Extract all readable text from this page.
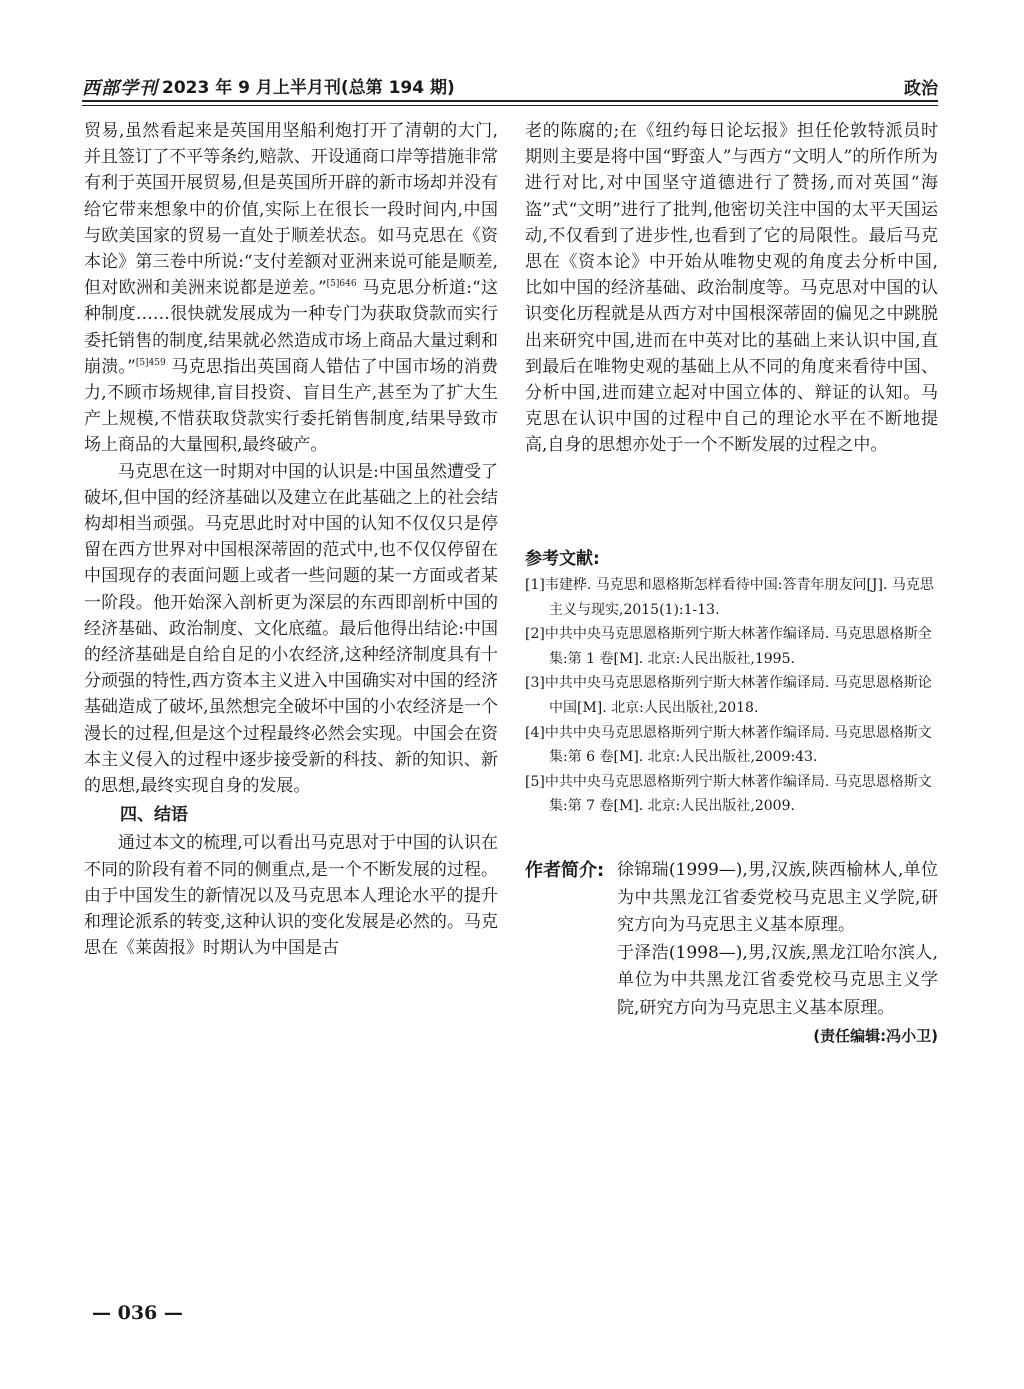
西部学刊 2023 年 9 月上半月刊(总第 194 期)	政治

贸易,虽然看起来是英国用坚船利炮打开了清朝的大门,并且签订了不平等条约,赔款、开设通商口岸等措施非常有利于英国开展贸易,但是英国所开辟的新市场却并没有给它带来想象中的价值,实际上在很长一段时间内,中国与欧美国家的贸易一直处于顺差状态。如马克思在《资本论》第三卷中所说:“支付差额对亚洲来说可能是顺差,但对欧洲和美洲来说都是逆差。”$^{[5]646}$ 马克思分析道:“这种制度……很快就发展成为一种专门为获取贷款而实行委托销售的制度,结果就必然造成市场上商品大量过剩和崩溃。”$^{[5]459}$ 马克思指出英国商人错估了中国市场的消费力,不顾市场规律,盲目投资、盲目生产,甚至为了扩大生产上规模,不惜获取贷款实行委托销售制度,结果导致市场上商品的大量囤积,最终破产。

马克思在这一时期对中国的认识是:中国虽然遭受了破坏,但中国的经济基础以及建立在此基础之上的社会结构却相当顽强。马克思此时对中国的认知不仅仅只是停留在西方世界对中国根深蒂固的范式中,也不仅仅停留在中国现存的表面问题上或者一些问题的某一方面或者某一阶段。他开始深入剖析更为深层的东西即剖析中国的经济基础、政治制度、文化底蕴。最后他得出结论:中国的经济基础是自给自足的小农经济,这种经济制度具有十分顽强的特性,西方资本主义进入中国确实对中国的经济基础造成了破坏,虽然想完全破坏中国的小农经济是一个漫长的过程,但是这个过程最终必然会实现。中国会在资本主义侵入的过程中逐步接受新的科技、新的知识、新的思想,最终实现自身的发展。

四、结语

通过本文的梳理,可以看出马克思对于中国的认识在不同的阶段有着不同的侧重点,是一个不断发展的过程。由于中国发生的新情况以及马克思本人理论水平的提升和理论派系的转变,这种认识的变化发展是必然的。马克思在《莱茵报》时期认为中国是古

老的陈腐的;在《纽约每日论坛报》担任伦敦特派员时期则主要是将中国“野蛮人”与西方“文明人”的所作所为进行对比,对中国坚守道德进行了赞扬,而对英国“海盗”式“文明”进行了批判,他密切关注中国的太平天国运动,不仅看到了进步性,也看到了它的局限性。最后马克思在《资本论》中开始从唯物史观的角度去分析中国,比如中国的经济基础、政治制度等。马克思对中国的认识变化历程就是从西方对中国根深蒂固的偏见之中跳脱出来研究中国,进而在中英对比的基础上来认识中国,直到最后在唯物史观的基础上从不同的角度来看待中国、分析中国,进而建立起对中国立体的、辩证的认知。马克思在认识中国的过程中自己的理论水平在不断地提高,自身的思想亦处于一个不断发展的过程之中。

参考文献:

[1]韦建桦. 马克思和恩格斯怎样看待中国:答青年朋友问[J]. 马克思主义与现实,2015(1):1-13.

[2]中共中央马克思恩格斯列宁斯大林著作编译局. 马克思恩格斯全集:第 1 卷[M]. 北京:人民出版社,1995.

[3]中共中央马克思恩格斯列宁斯大林著作编译局. 马克思恩格斯论中国[M]. 北京:人民出版社,2018.

[4]中共中央马克思恩格斯列宁斯大林著作编译局. 马克思恩格斯文集:第 6 卷[M]. 北京:人民出版社,2009:43.

[5]中共中央马克思恩格斯列宁斯大林著作编译局. 马克思恩格斯文集:第 7 卷[M]. 北京:人民出版社,2009.

作者简介: 徐锦瑞(1999—),男,汉族,陕西榆林人,单位为中共黑龙江省委党校马克思主义学院,研究方向为马克思主义基本原理。

于泽浩(1998—),男,汉族,黑龙江哈尔滨人,单位为中共黑龙江省委党校马克思主义学院,研究方向为马克思主义基本原理。

(责任编辑:冯小卫)
— 036 —
